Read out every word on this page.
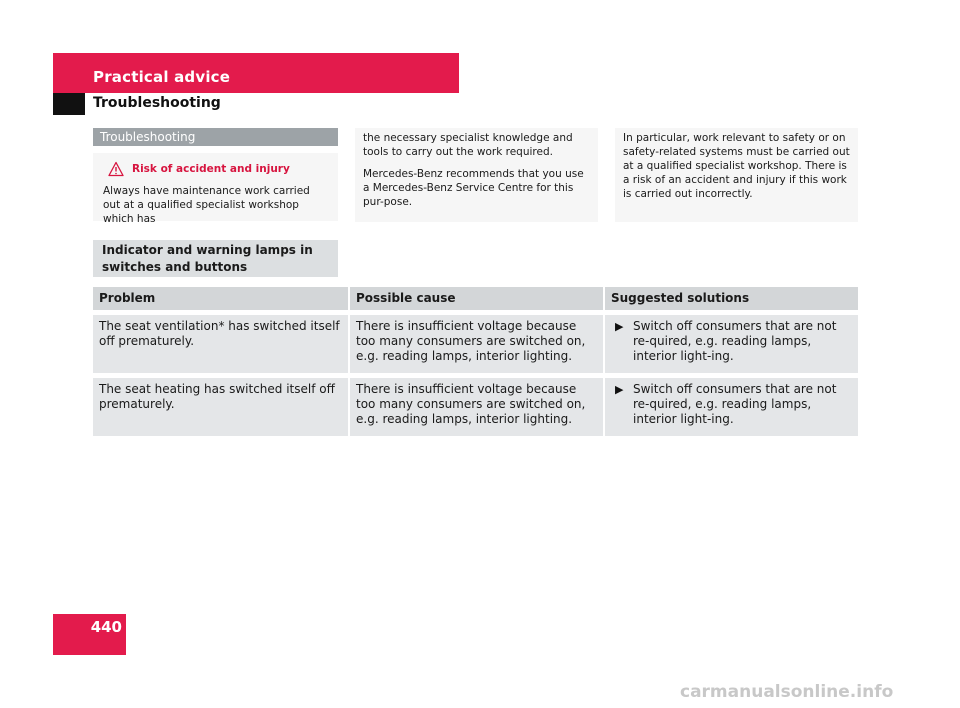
Practical advice
Troubleshooting
Troubleshooting
Risk of accident and injury
Always have maintenance work carried out at a qualified specialist workshop which has

the necessary specialist knowledge and tools to carry out the work required.

Mercedes-Benz recommends that you use a Mercedes-Benz Service Centre for this pur-pose.

In particular, work relevant to safety or on safety-related systems must be carried out at a qualified specialist workshop. There is a risk of an accident and injury if this work is carried out incorrectly.

Indicator and warning lamps in switches and buttons
Problem	Possible cause	Suggested solutions
The seat ventilation* has switched itself off prematurely.	There is insufficient voltage because too many consumers are switched on, e.g. reading lamps, interior lighting.	▶ Switch off consumers that are not re-quired, e.g. reading lamps, interior light-ing.

The seat heating has switched itself off prematurely.	There is insufficient voltage because too many consumers are switched on, e.g. reading lamps, interior lighting.	▶ Switch off consumers that are not re-quired, e.g. reading lamps, interior light-ing.
440
carmanualsonline.info
